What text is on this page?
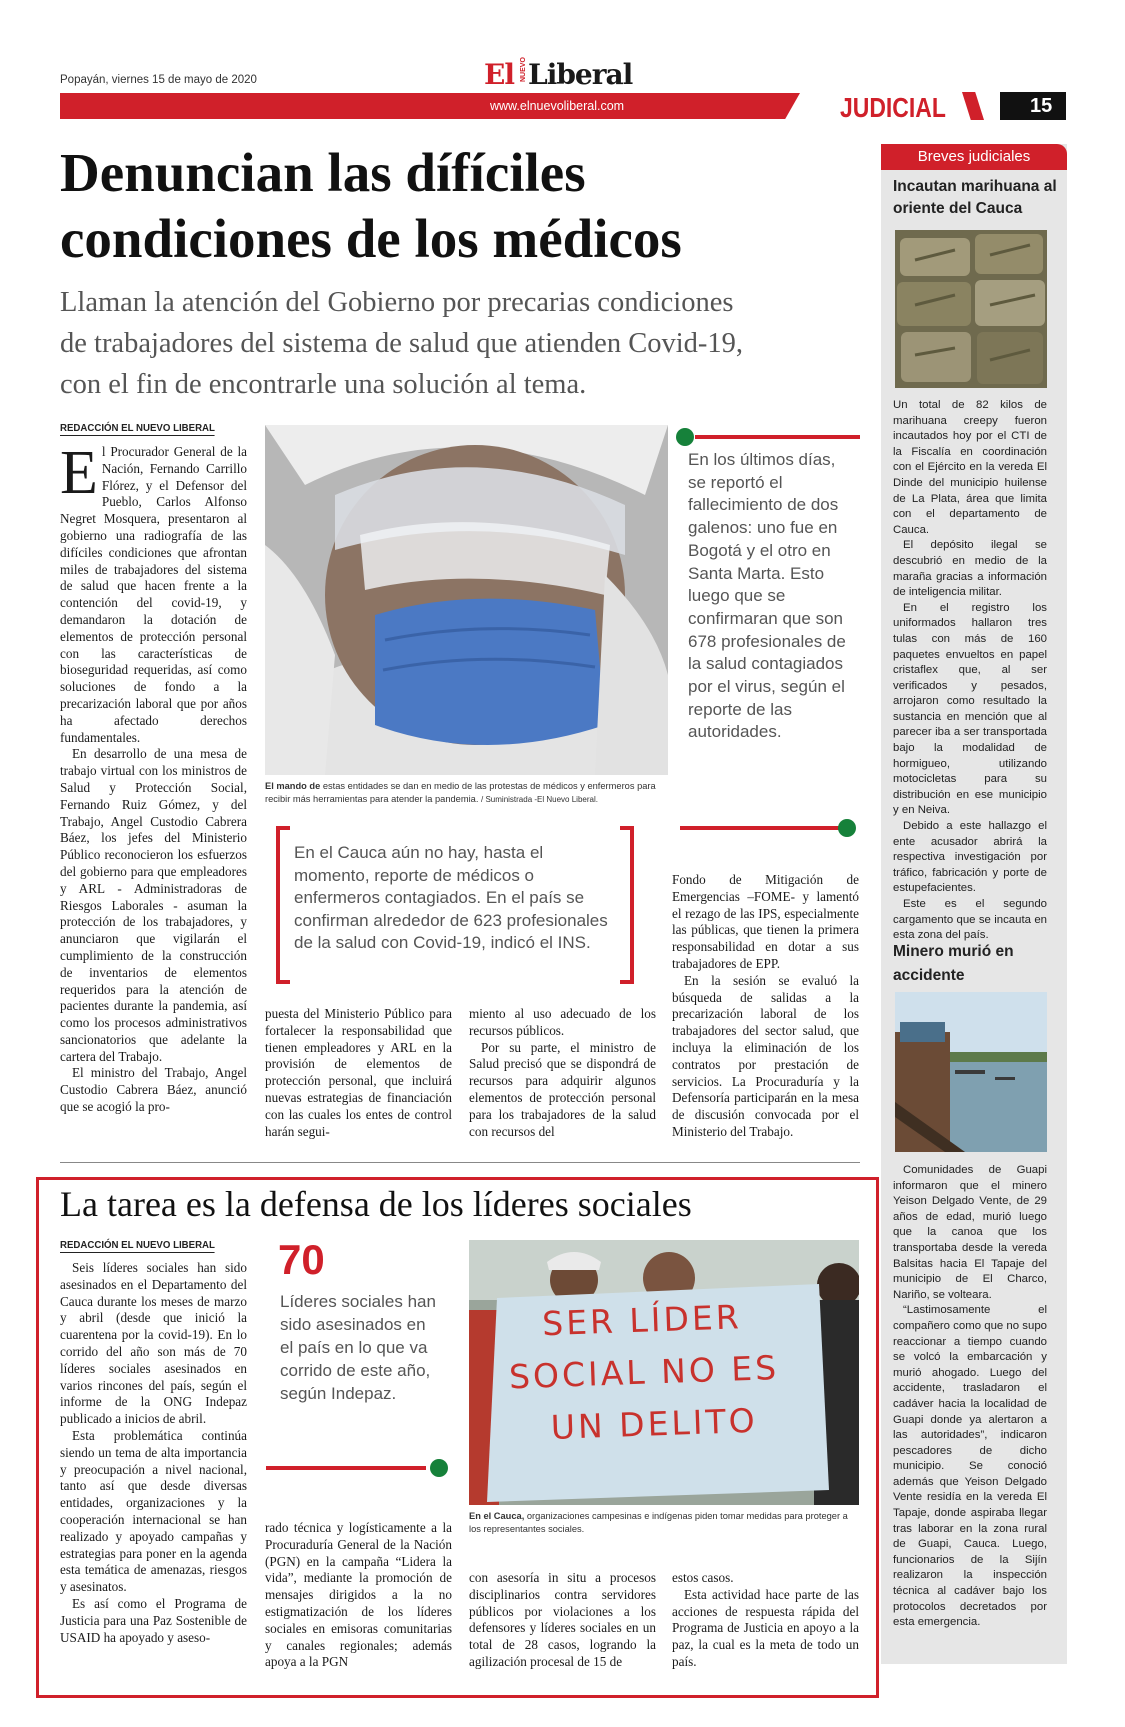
Popayán, viernes 15 de mayo de 2020	El NUEVO Liberal
www.elnuevoliberal.com	JUDICIAL	15
Denuncian las dífíciles
condiciones de los médicos
Llaman la atención del Gobierno por precarias condiciones
de trabajadores del sistema de salud que atienden Covid-19,
con el fin de encontrarle una solución al tema.
REDACCIÓN EL NUEVO LIBERAL

El Procurador General de la Nación, Fernando Carrillo Flórez, y el Defensor del Pueblo, Carlos Alfonso Negret Mosquera, presentaron al gobierno una radiografía de las difíciles condiciones que afrontan miles de trabajadores del sistema de salud que hacen frente a la contención del covid-19, y demandaron la dotación de elementos de protección personal con las características de bioseguridad requeridas, así como soluciones de fondo a la precarización laboral que por años ha afectado derechos fundamentales.

En desarrollo de una mesa de trabajo virtual con los ministros de Salud y Protección Social, Fernando Ruiz Gómez, y del Trabajo, Angel Custodio Cabrera Báez, los jefes del Ministerio Público reconocieron los esfuerzos del gobierno para que empleadores y ARL - Administradoras de Riesgos Laborales - asuman la protección de los trabajadores, y anunciaron que vigilarán el cumplimiento de la construcción de inventarios de elementos requeridos para la atención de pacientes durante la pandemia, así como los procesos administrativos sancionatorios que adelante la cartera del Trabajo.

El ministro del Trabajo, Angel Custodio Cabrera Báez, anunció que se acogió la pro-

El mando de estas entidades se dan en medio de las protestas de médicos y enfermeros para recibir más herramientas para atender la pandemia. / Suministrada -El Nuevo Liberal.
En los últimos días, se reportó el fallecimiento de dos galenos: uno fue en Bogotá y el otro en Santa Marta. Esto luego que se confirmaran que son 678 profesionales de la salud contagiados por el virus, según el reporte de las autoridades.
En el Cauca aún no hay, hasta el momento, reporte de médicos o enfermeros contagiados. En el país se confirman alrededor de 623 profesionales de la salud con Covid-19, indicó el INS.

puesta del Ministerio Público para fortalecer la responsabilidad que tienen empleadores y ARL en la provisión de elementos de protección personal, que incluirá nuevas estrategias de financiación con las cuales los entes de control harán segui-

miento al uso adecuado de los recursos públicos.

Por su parte, el ministro de Salud precisó que se dispondrá de recursos para adquirir algunos elementos de protección personal para los trabajadores de la salud con recursos del

Fondo de Mitigación de Emergencias –FOME- y lamentó el rezago de las IPS, especialmente las públicas, que tienen la primera responsabilidad en dotar a sus trabajadores de EPP.

En la sesión se evaluó la búsqueda de salidas a la precarización laboral de los trabajadores del sector salud, que incluya la eliminación de los contratos por prestación de servicios. La Procuraduría y la Defensoría participarán en la mesa de discusión convocada por el Ministerio del Trabajo.

La tarea es la defensa de los líderes sociales
REDACCIÓN EL NUEVO LIBERAL

Seis líderes sociales han sido asesinados en el Departamento del Cauca durante los meses de marzo y abril (desde que inició la cuarentena por la covid-19). En lo corrido del año son más de 70 líderes sociales asesinados en varios rincones del país, según el informe de la ONG Indepaz publicado a inicios de abril.

Esta problemática continúa siendo un tema de alta importancia y preocupación a nivel nacional, tanto así que desde diversas entidades, organizaciones y la cooperación internacional se han realizado y apoyado campañas y estrategias para poner en la agenda esta temática de amenazas, riesgos y asesinatos.

Es así como el Programa de Justicia para una Paz Sostenible de USAID ha apoyado y aseso-

70
Líderes sociales han sido asesinados en el país en lo que va corrido de este año, según Indepaz.
SER LÍDER
SOCIAL NO ES
UN DELITO
En el Cauca, organizaciones campesinas e indígenas piden tomar medidas para proteger a los representantes sociales.

rado técnica y logísticamente a la Procuraduría General de la Nación (PGN) en la campaña “Lidera la vida”, mediante la promoción de mensajes dirigidos a la no estigmatización de los líderes sociales en emisoras comunitarias y canales regionales; además apoya a la PGN

con asesoría in situ a procesos disciplinarios contra servidores públicos por violaciones a los defensores y líderes sociales en un total de 28 casos, logrando la agilización procesal de 15 de

estos casos.

Esta actividad hace parte de las acciones de respuesta rápida del Programa de Justicia en apoyo a la paz, la cual es la meta de todo un país.

Breves judiciales
Incautan marihuana al oriente del Cauca

Un total de 82 kilos de marihuana creepy fueron incautados hoy por el CTI de la Fiscalía en coordinación con el Ejército en la vereda El Dinde del municipio huilense de La Plata, área que limita con el departamento de Cauca.

El depósito ilegal se descubrió en medio de la maraña gracias a información de inteligencia militar.

En el registro los uniformados hallaron tres tulas con más de 160 paquetes envueltos en papel cristaflex que, al ser verificados y pesados, arrojaron como resultado la sustancia en mención que al parecer iba a ser transportada bajo la modalidad de hormigueo, utilizando motocicletas para su distribución en ese municipio y en Neiva.

Debido a este hallazgo el ente acusador abrirá la respectiva investigación por tráfico, fabricación y porte de estupefacientes.

Este es el segundo cargamento que se incauta en esta zona del país.

Minero murió en accidente

Comunidades de Guapi informaron que el minero Yeison Delgado Vente, de 29 años de edad, murió luego que la canoa que los transportaba desde la vereda Balsitas hacia El Tapaje del municipio de El Charco, Nariño, se volteara.

“Lastimosamente el compañero como que no supo reaccionar a tiempo cuando se volcó la embarcación y murió ahogado. Luego del accidente, trasladaron el cadáver hacia la localidad de Guapi donde ya alertaron a las autoridades”, indicaron pescadores de dicho municipio. Se conoció además que Yeison Delgado Vente residía en la vereda El Tapaje, donde aspiraba llegar tras laborar en la zona rural de Guapi, Cauca. Luego, funcionarios de la Sijín realizaron la inspección técnica al cadáver bajo los protocolos decretados por esta emergencia.
